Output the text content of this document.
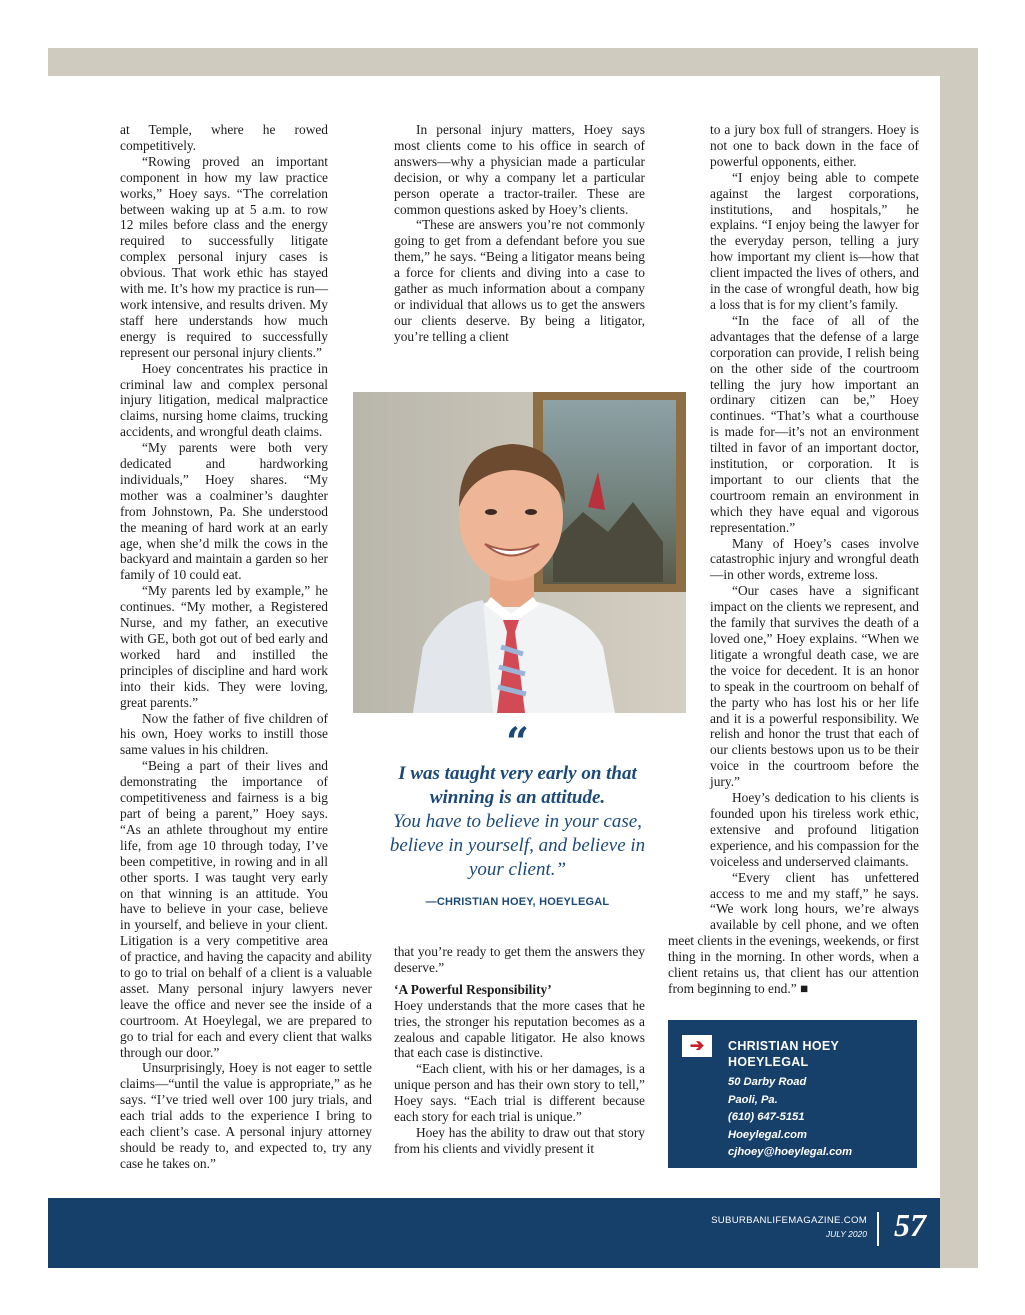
at Temple, where he rowed competitively.

“Rowing proved an important component in how my law practice works,” Hoey says. “The correlation between waking up at 5 a.m. to row 12 miles before class and the energy required to successfully litigate complex personal injury cases is obvious. That work ethic has stayed with me. It’s how my practice is run—work intensive, and results driven. My staff here understands how much energy is required to successfully represent our personal injury clients.”

Hoey concentrates his practice in criminal law and complex personal injury litigation, medical malpractice claims, nursing home claims, trucking accidents, and wrongful death claims.

“My parents were both very dedicated and hardworking individuals,” Hoey shares. “My mother was a coalminer’s daughter from Johnstown, Pa. She understood the meaning of hard work at an early age, when she’d milk the cows in the backyard and maintain a garden so her family of 10 could eat.

“My parents led by example,” he continues. “My mother, a Registered Nurse, and my father, an executive with GE, both got out of bed early and worked hard and instilled the principles of discipline and hard work into their kids. They were loving, great parents.”

Now the father of five children of his own, Hoey works to instill those same values in his children.

“Being a part of their lives and demonstrating the importance of competitiveness and fairness is a big part of being a parent,” Hoey says. “As an athlete throughout my entire life, from age 10 through today, I’ve been competitive, in rowing and in all other sports. I was taught very early on that winning is an attitude. You have to believe in your case, believe in yourself, and believe in your client. Litigation is a very competitive area of practice, and having the capacity and ability to go to trial on behalf of a client is a valuable asset. Many personal injury lawyers never leave the office and never see the inside of a courtroom. At Hoeylegal, we are prepared to go to trial for each and every client that walks through our door.”

Unsurprisingly, Hoey is not eager to settle claims—“until the value is appropriate,” as he says. “I’ve tried well over 100 jury trials, and each trial adds to the experience I bring to each client’s case. A personal injury attorney should be ready to, and expected to, try any case he takes on.”

In personal injury matters, Hoey says most clients come to his office in search of answers—why a physician made a particular decision, or why a company let a particular person operate a tractor-trailer. These are common questions asked by Hoey’s clients.

“These are answers you’re not commonly going to get from a defendant before you sue them,” he says. “Being a litigator means being a force for clients and diving into a case to gather as much information about a company or individual that allows us to get the answers our clients deserve. By being a litigator, you’re telling a client

that you’re ready to get them the answers they deserve.”

‘A Powerful Responsibility’

Hoey understands that the more cases that he tries, the stronger his reputation becomes as a zealous and capable litigator. He also knows that each case is distinctive.

“Each client, with his or her damages, is a unique person and has their own story to tell,” Hoey says. “Each trial is different because each story for each trial is unique.”

Hoey has the ability to draw out that story from his clients and vividly present it

to a jury box full of strangers. Hoey is not one to back down in the face of powerful opponents, either.

“I enjoy being able to compete against the largest corporations, institutions, and hospitals,” he explains. “I enjoy being the lawyer for the everyday person, telling a jury how important my client is—how that client impacted the lives of others, and in the case of wrongful death, how big a loss that is for my client’s family.

“In the face of all of the advantages that the defense of a large corporation can provide, I relish being on the other side of the courtroom telling the jury how important an ordinary citizen can be,” Hoey continues. “That’s what a courthouse is made for—it’s not an environment tilted in favor of an important doctor, institution, or corporation. It is important to our clients that the courtroom remain an environment in which they have equal and vigorous representation.”

Many of Hoey’s cases involve catastrophic injury and wrongful death—in other words, extreme loss.

“Our cases have a significant impact on the clients we represent, and the family that survives the death of a loved one,” Hoey explains. “When we litigate a wrongful death case, we are the voice for decedent. It is an honor to speak in the courtroom on behalf of the party who has lost his or her life and it is a powerful responsibility. We relish and honor the trust that each of our clients bestows upon us to be their voice in the courtroom before the jury.”

Hoey’s dedication to his clients is founded upon his tireless work ethic, extensive and profound litigation experience, and his compassion for the voiceless and underserved claimants.

“Every client has unfettered access to me and my staff,” he says. “We work long hours, we’re always available by cell phone, and we often meet clients in the evenings, weekends, or first thing in the morning. In other words, when a client retains us, that client has our attention from beginning to end.” ■

“
I was taught very early on that winning is an attitude.
You have to believe in your case, believe in yourself, and believe in your client.”
—CHRISTIAN HOEY, HOEYLEGAL
➔	CHRISTIAN HOEY
HOEYLEGAL
50 Darby Road
Paoli, Pa.
(610) 647-5151
Hoeylegal.com
cjhoey@hoeylegal.com
SUBURBANLIFEMAGAZINE.COM
JULY 2020 57
